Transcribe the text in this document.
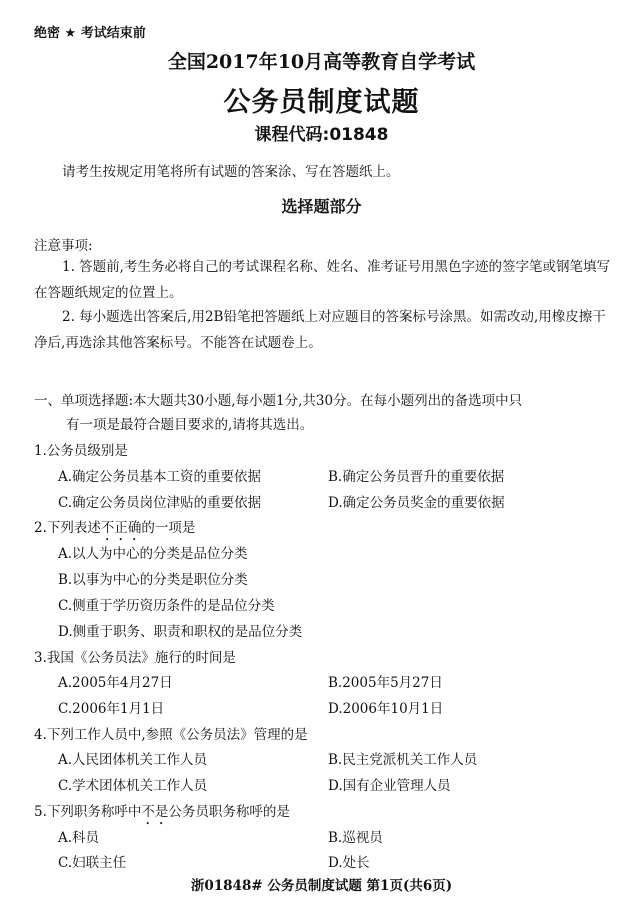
绝密 ★ 考试结束前
全国2017年10月高等教育自学考试
公务员制度试题
课程代码:01848
请考生按规定用笔将所有试题的答案涂、写在答题纸上。
选择题部分
注意事项:
1. 答题前,考生务必将自己的考试课程名称、姓名、准考证号用黑色字迹的签字笔或钢笔填写在答题纸规定的位置上。
2. 每小题选出答案后,用2B铅笔把答题纸上对应题目的答案标号涂黑。如需改动,用橡皮擦干净后,再选涂其他答案标号。不能答在试题卷上。
一、单项选择题:本大题共30小题,每小题1分,共30分。在每小题列出的备选项中只
有一项是最符合题目要求的,请将其选出。
1.公务员级别是
A.确定公务员基本工资的重要依据	B.确定公务员晋升的重要依据
C.确定公务员岗位津贴的重要依据	D.确定公务员奖金的重要依据
2.下列表述不正确的一项是
A.以人为中心的分类是品位分类
B.以事为中心的分类是职位分类
C.侧重于学历资历条件的是品位分类
D.侧重于职务、职责和职权的是品位分类
3.我国《公务员法》施行的时间是
A.2005年4月27日	B.2005年5月27日
C.2006年1月1日	D.2006年10月1日
4.下列工作人员中,参照《公务员法》管理的是
A.人民团体机关工作人员	B.民主党派机关工作人员
C.学术团体机关工作人员	D.国有企业管理人员
5.下列职务称呼中不是公务员职务称呼的是
A.科员	B.巡视员
C.妇联主任	D.处长
浙01848# 公务员制度试题 第1页(共6页)
